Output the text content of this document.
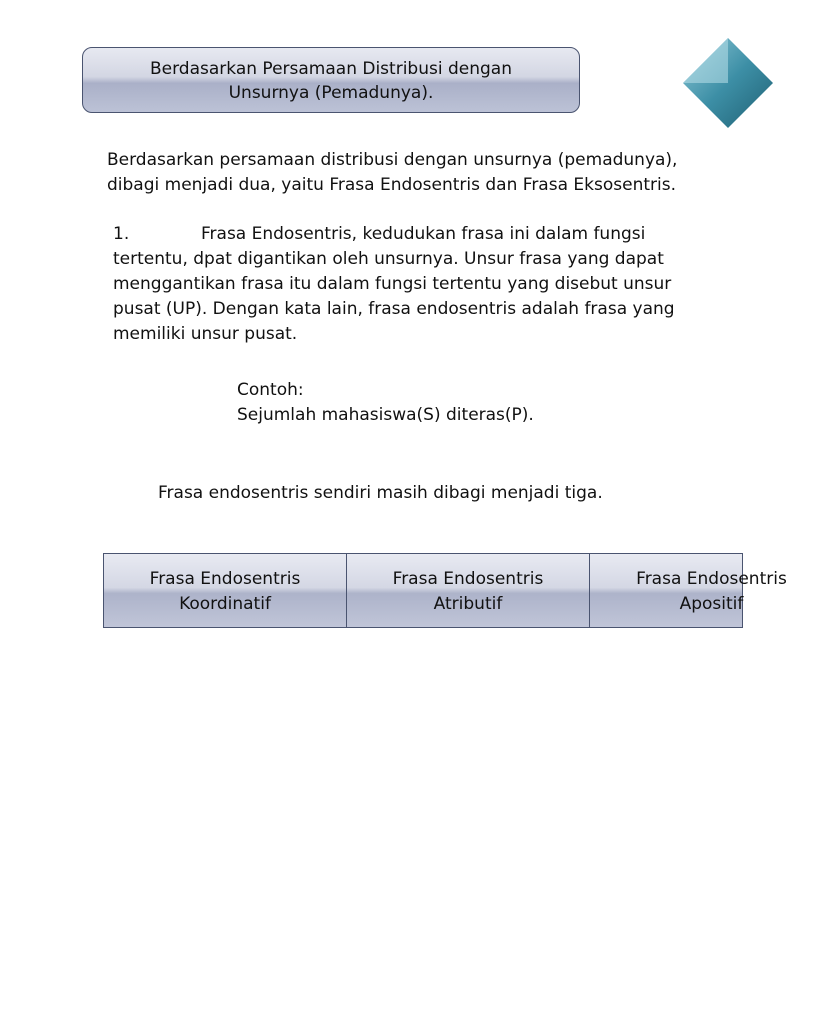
Berdasarkan Persamaan Distribusi dengan
Unsurnya (Pemadunya).
Berdasarkan persamaan distribusi dengan unsurnya (pemadunya),
dibagi menjadi dua, yaitu Frasa Endosentris dan Frasa Eksosentris.
1.	Frasa Endosentris, kedudukan frasa ini dalam fungsi
tertentu, dpat digantikan oleh unsurnya. Unsur frasa yang dapat
menggantikan frasa itu dalam fungsi tertentu yang disebut unsur
pusat (UP). Dengan kata lain, frasa endosentris adalah frasa yang
memiliki unsur pusat.
Contoh:
Sejumlah mahasiswa(S) diteras(P).
Frasa endosentris sendiri masih dibagi menjadi tiga.
Frasa Endosentris
Koordinatif
Frasa Endosentris
Atributif
Frasa Endosentris
Apositif
